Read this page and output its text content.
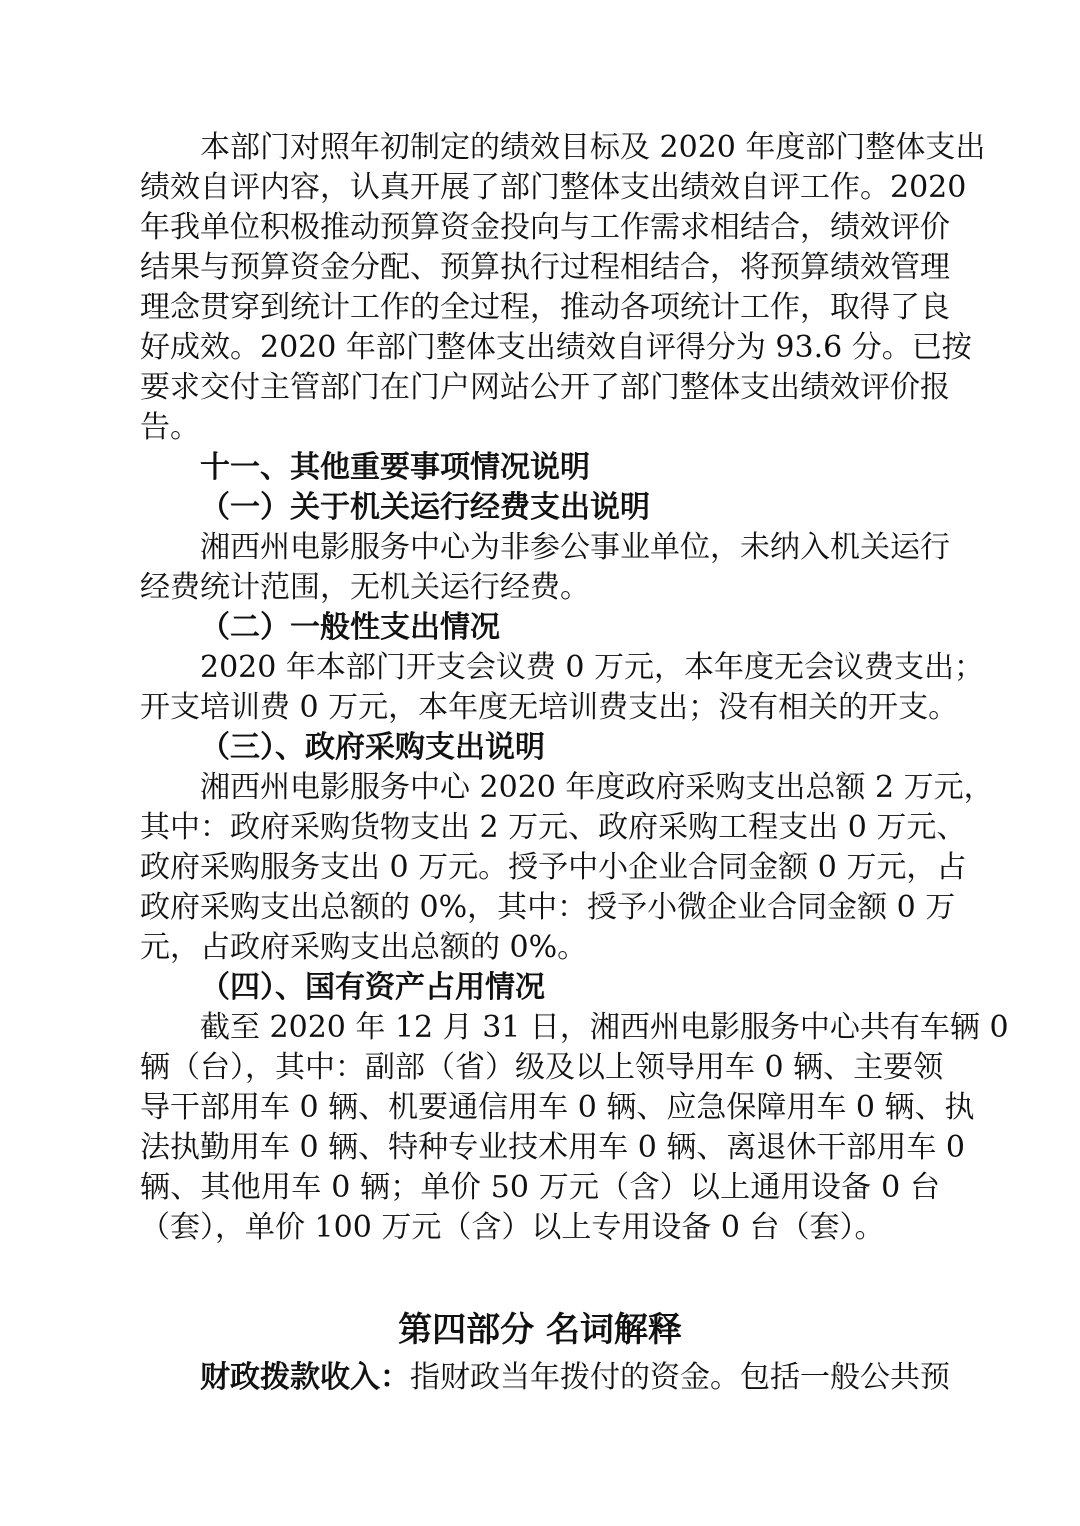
本部门对照年初制定的绩效目标及 2020 年度部门整体支出
绩效自评内容，认真开展了部门整体支出绩效自评工作。2020
年我单位积极推动预算资金投向与工作需求相结合，绩效评价
结果与预算资金分配、预算执行过程相结合，将预算绩效管理
理念贯穿到统计工作的全过程，推动各项统计工作，取得了良
好成效。2020 年部门整体支出绩效自评得分为 93.6 分。已按
要求交付主管部门在门户网站公开了部门整体支出绩效评价报
告。
十一、其他重要事项情况说明
（一）关于机关运行经费支出说明
湘西州电影服务中心为非参公事业单位，未纳入机关运行
经费统计范围，无机关运行经费。
（二）一般性支出情况
2020 年本部门开支会议费 0 万元，本年度无会议费支出；
开支培训费 0 万元，本年度无培训费支出；没有相关的开支。
（三）、政府采购支出说明
湘西州电影服务中心 2020 年度政府采购支出总额 2 万元，
其中：政府采购货物支出 2 万元、政府采购工程支出 0 万元、
政府采购服务支出 0 万元。授予中小企业合同金额 0 万元，占
政府采购支出总额的 0%，其中：授予小微企业合同金额 0 万
元，占政府采购支出总额的 0%。
（四）、国有资产占用情况
截至 2020 年 12 月 31 日，湘西州电影服务中心共有车辆 0
辆（台），其中：副部（省）级及以上领导用车 0 辆、主要领
导干部用车 0 辆、机要通信用车 0 辆、应急保障用车 0 辆、执
法执勤用车 0 辆、特种专业技术用车 0 辆、离退休干部用车 0
辆、其他用车 0 辆；单价 50 万元（含）以上通用设备 0 台
（套），单价 100 万元（含）以上专用设备 0 台（套）。
第四部分 名词解释
财政拨款收入：指财政当年拨付的资金。包括一般公共预
